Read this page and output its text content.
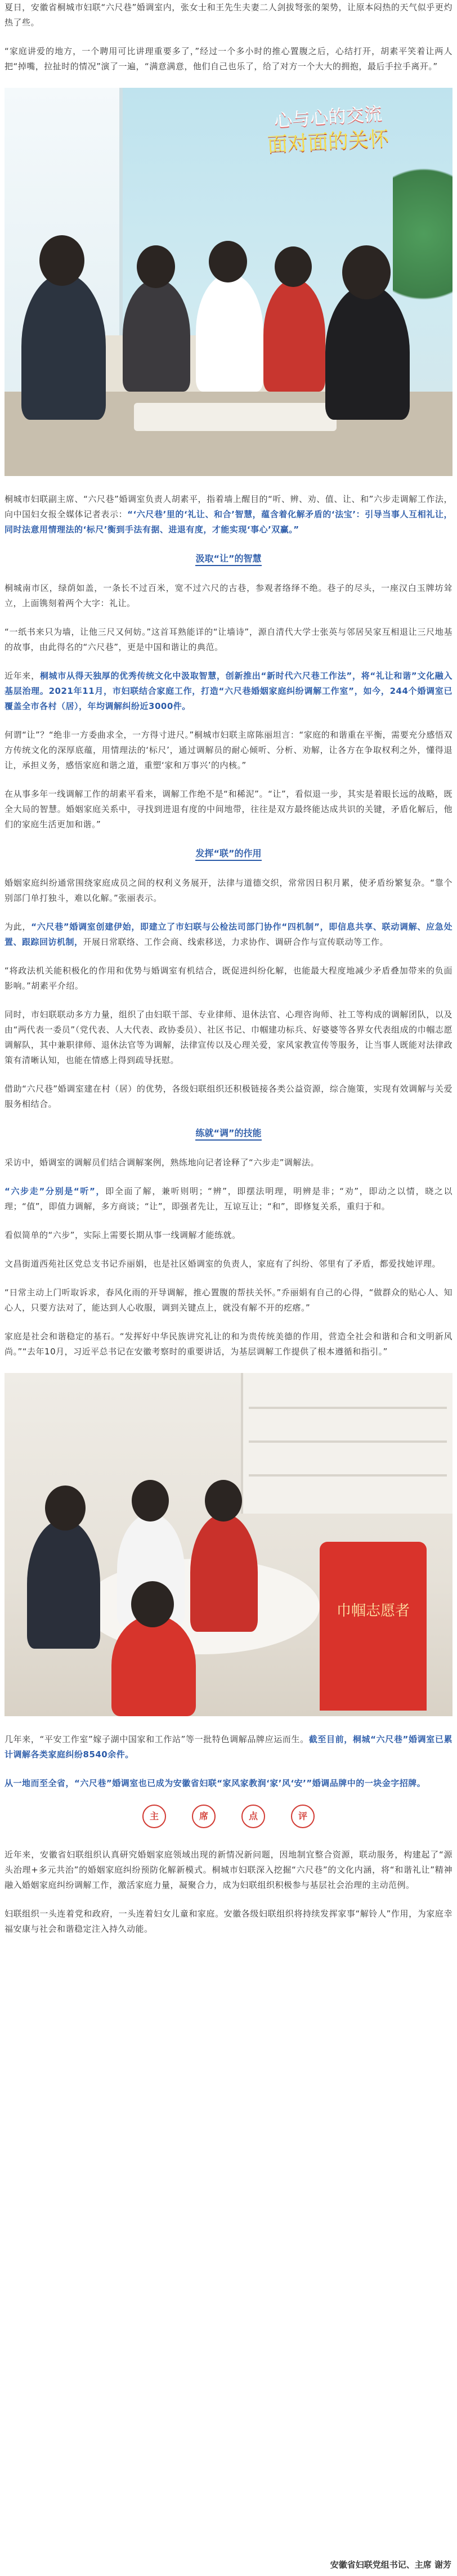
夏日，安徽省桐城市妇联“六尺巷”婚调室内，张女士和王先生夫妻二人剑拔弩张的架势，让原本闷热的天气似乎更灼热了些。

“家庭讲爱的地方，一个聘用可比讲理重要多了，”经过一个多小时的推心置腹之后，心结打开，胡素平笑着让两人把“掉嘴，拉扯时的情况”演了一遍，“满意满意，他们自己也乐了，给了对方一个大大的拥抱，最后手拉手离开。”

心与心的交流
面对面的关怀

桐城市妇联副主席、“六尺巷”婚调室负责人胡素平，指着墙上醒目的“听、辨、劝、值、让、和”六步走调解工作法，向中国妇女报全媒体记者表示：“‘六尺巷’里的‘礼让、和合’智慧，蕴含着化解矛盾的‘法宝’：引导当事人互相礼让，同时法意用情理法的‘标尺’衡到手法有据、进退有度，才能实现‘事心’双赢。”

汲取“让”的智慧

桐城南市区，绿荫如盖，一条长不过百米，宽不过六尺的古巷，参观者络绎不绝。巷子的尽头，一座汉白玉牌坊耸立，上面镌刻着两个大字：礼让。

“一纸书来只为墙，让他三尺又何妨。”这首耳熟能详的“让墙诗”，源自清代大学士张英与邻居吴家互相退让三尺地基的故事，由此得名的“六尺巷”，更是中国和谐让的典范。

近年来，桐城市从得天独厚的优秀传统文化中汲取智慧，创新推出“新时代六尺巷工作法”，将“礼让和谐”文化融入基层治理。2021年11月，市妇联结合家庭工作，打造“六尺巷婚姻家庭纠纷调解工作室”，如今，244个婚调室已覆盖全市各村（居），年均调解纠纷近3000件。

何谓“让”？“绝非一方委曲求全，一方得寸进尺。”桐城市妇联主席陈丽坦言：“家庭的和谐重在平衡，需要充分感悟双方传统文化的深厚底蕴，用情理法的‘标尺’，通过调解员的耐心倾听、分析、劝解，让各方在争取权利之外，懂得退让，承担义务，感悟家庭和谐之道，重塑‘家和万事兴’的内核。”

在从事多年一线调解工作的胡素平看来，调解工作绝不是“和稀泥”。“让”，看似退一步，其实是着眼长远的战略，既全大局的智慧。婚姻家庭关系中，寻找到进退有度的中间地带，往往是双方最终能达成共识的关键，矛盾化解后，他们的家庭生活更加和谐。”

发挥“联”的作用

婚姻家庭纠纷通常围绕家庭成员之间的权利义务展开，法律与道德交织，常常因日积月累，使矛盾纷繁复杂。“靠个别部门单打独斗，难以化解。”张丽表示。

为此，“六尺巷”婚调室创建伊始，即建立了市妇联与公检法司部门协作“四机制”，即信息共享、联动调解、应急处置、跟踪回访机制，开展日常联络、工作会商、线索移送，力求协作、调研合作与宣传联动等工作。

“将政法机关能积极化的作用和优势与婚调室有机结合，既促进纠纷化解，也能最大程度地减少矛盾叠加带来的负面影响。”胡素平介绍。

同时，市妇联联动多方力量，组织了由妇联干部、专业律师、退休法官、心理咨询师、社工等构成的调解团队，以及由“两代表一委员”（党代表、人大代表、政协委员）、社区书记、巾帼建功标兵、好婆婆等各界女代表组成的巾帼志愿调解队，其中兼职律师、退休法官等为调解，法律宣传以及心理关爱，家风家教宣传等服务，让当事人既能对法律政策有清晰认知，也能在情感上得到疏导抚慰。

借助“六尺巷”婚调室建在村（居）的优势，各级妇联组织还积极链接各类公益资源，综合施策，实现有效调解与关爱服务相结合。

练就“调”的技能

采访中，婚调室的调解员们结合调解案例，熟练地向记者诠释了“六步走”调解法。

“六步走”分别是“听”，即全面了解，兼听则明；“辨”，即摆法明理，明辨是非；“劝”，即动之以情，晓之以理；“值”，即值力调解，多方商谈；“让”，即强者先让，互谅互让；“和”，即修复关系，重归于和。

看似简单的“六步”，实际上需要长期从事一线调解才能练就。

文昌街道西苑社区党总支书记乔丽娟，也是社区婚调室的负责人，家庭有了纠纷、邻里有了矛盾，都爱找她评理。

“日常主动上门听取诉求，春风化雨的开导调解，推心置腹的帮扶关怀。”乔丽娟有自己的心得，“做群众的贴心人、知心人，只要方法对了，能达到人心收服，调到关键点上，就没有解不开的疙瘩。”

家庭是社会和谐稳定的基石。“发挥好中华民族讲究礼让的和为贵传统美德的作用，营造全社会和谐和合和文明新风尚。”“去年10月，习近平总书记在安徽考察时的重要讲话，为基层调解工作提供了根本遵循和指引。”

巾帼志愿者

几年来，“平安工作室”嫁子湖中国家和工作站”等一批特色调解品牌应运而生。截至目前，桐城“六尺巷”婚调室已累计调解各类家庭纠纷8540余件。

从一地而至全省，“六尺巷”婚调室也已成为安徽省妇联“家风家教润‘家’风‘安’”婚调品牌中的一块金字招牌。

主	席	点	评

近年来，安徽省妇联组织认真研究婚姻家庭领域出现的新情况新问题，因地制宜整合资源，联动服务，构建起了“源头治理+多元共治”的婚姻家庭纠纷预防化解新模式。桐城市妇联深入挖掘“六尺巷”的文化内涵，将“和谐礼让”精神融入婚姻家庭纠纷调解工作，激活家庭力量，凝聚合力，成为妇联组织积极参与基层社会治理的主动范例。

妇联组织一头连着党和政府，一头连着妇女儿童和家庭。安徽各级妇联组织将持续发挥家事“解铃人”作用，为家庭幸福安康与社会和谐稳定注入持久动能。

安徽省妇联党组书记、主席 谢芳
